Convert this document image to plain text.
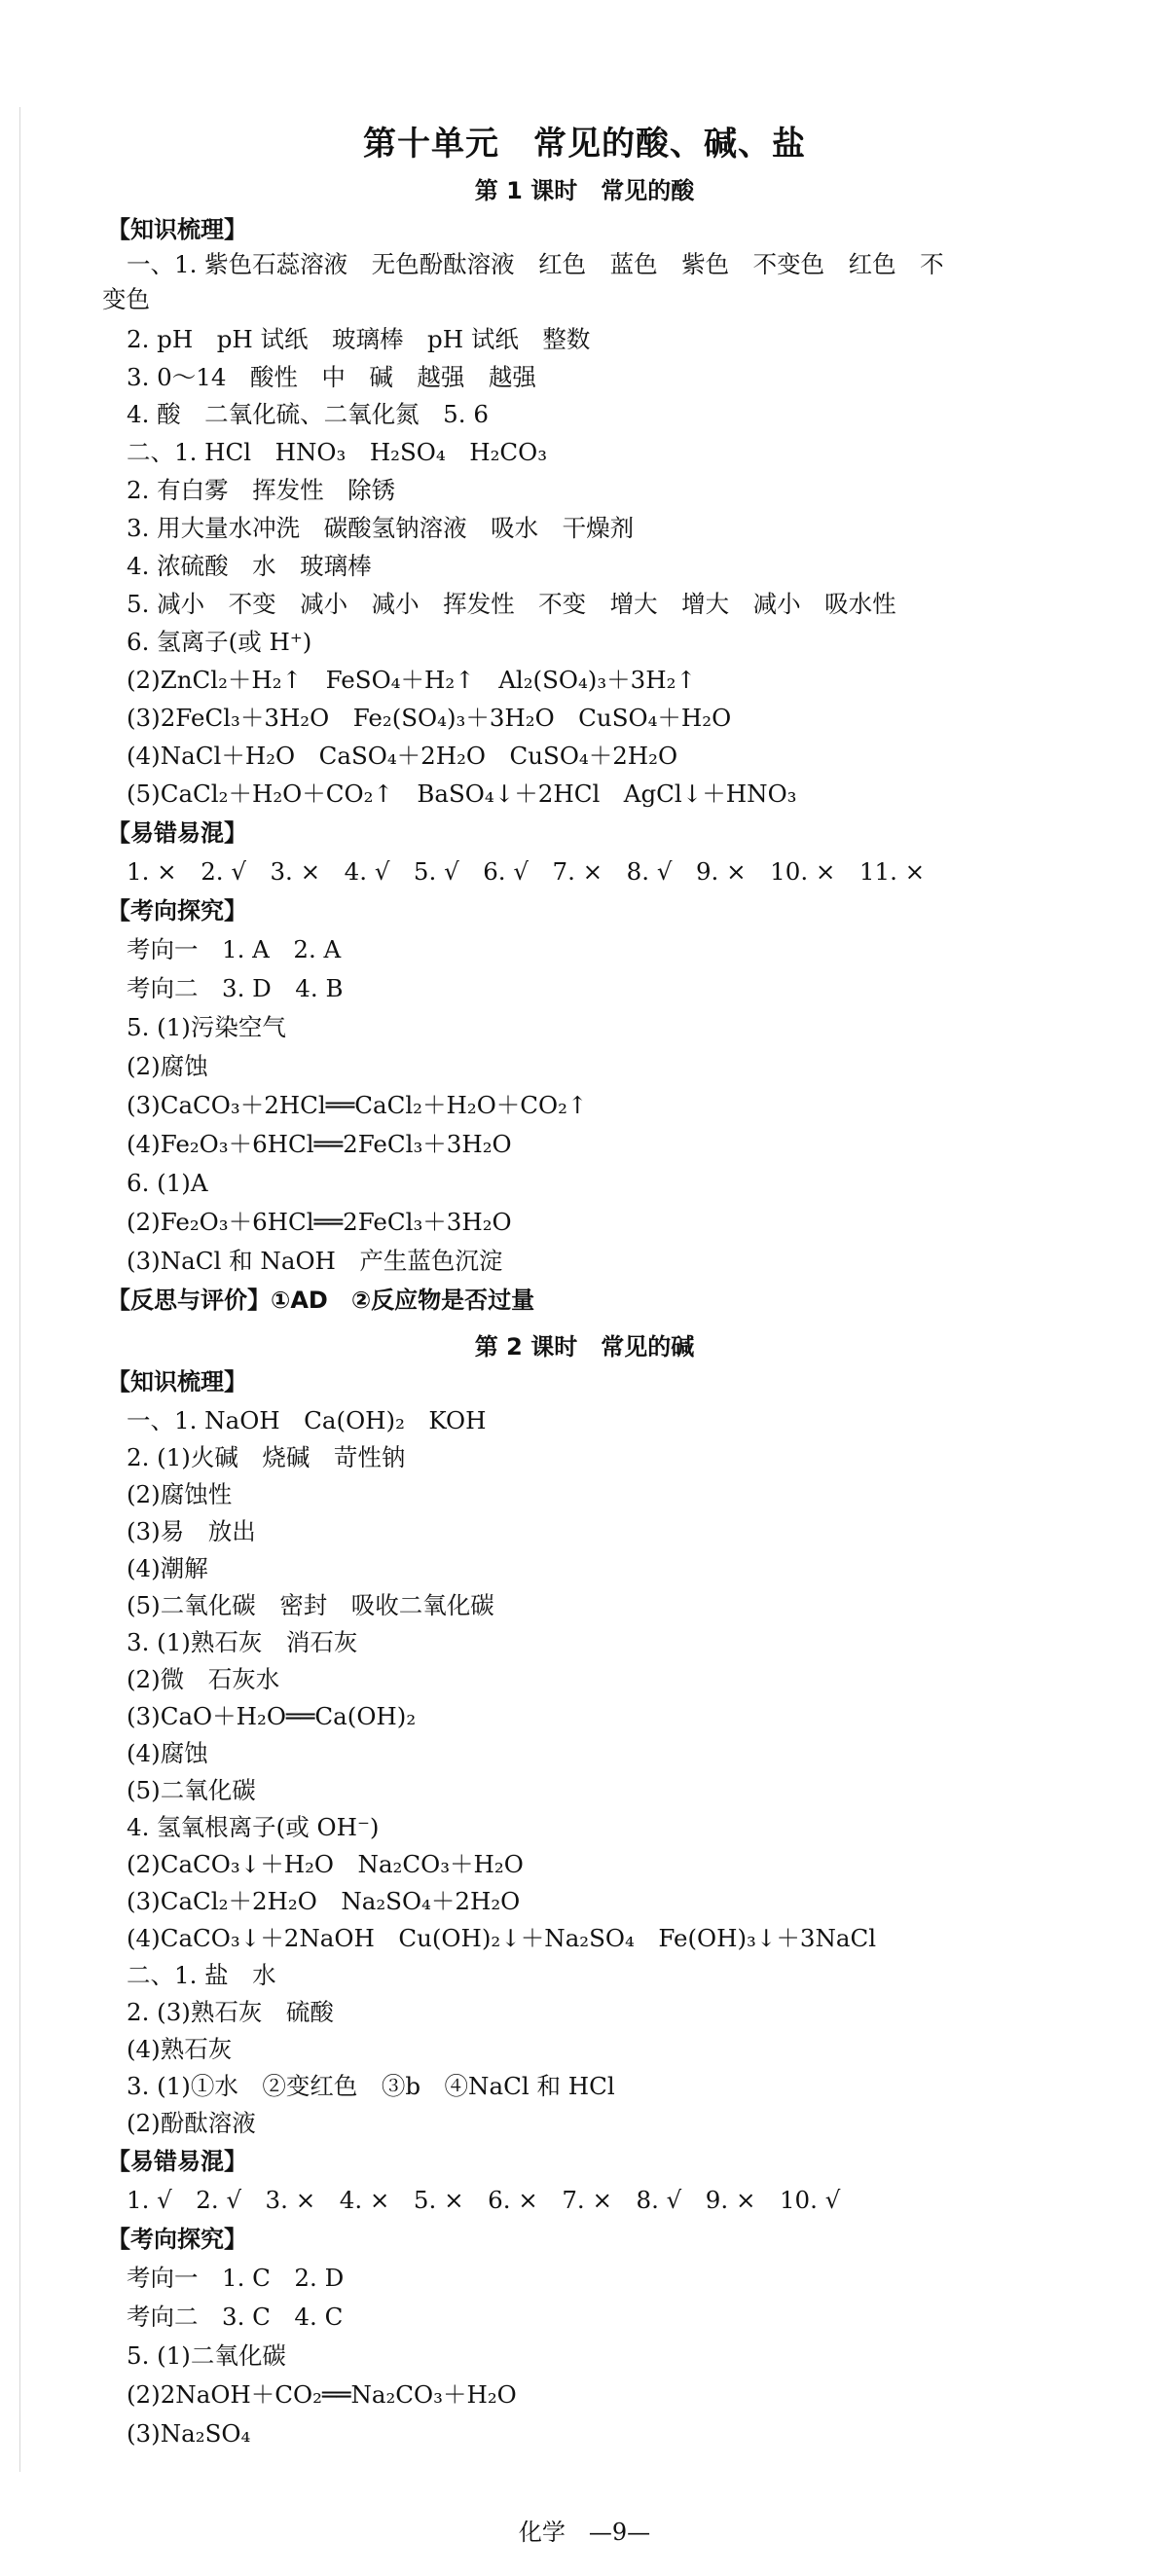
第十单元　常见的酸、碱、盐
第 1 课时　常见的酸
【知识梳理】
一、1. 紫色石蕊溶液　无色酚酞溶液　红色　蓝色　紫色　不变色　红色　不
变色
2. pH　pH 试纸　玻璃棒　pH 试纸　整数
3. 0～14　酸性　中　碱　越强　越强
4. 酸　二氧化硫、二氧化氮　5. 6
二、1. HCl　HNO₃　H₂SO₄　H₂CO₃
2. 有白雾　挥发性　除锈
3. 用大量水冲洗　碳酸氢钠溶液　吸水　干燥剂
4. 浓硫酸　水　玻璃棒
5. 减小　不变　减小　减小　挥发性　不变　增大　增大　减小　吸水性
6. 氢离子(或 H⁺)
(2)ZnCl₂＋H₂↑　FeSO₄＋H₂↑　Al₂(SO₄)₃＋3H₂↑
(3)2FeCl₃＋3H₂O　Fe₂(SO₄)₃＋3H₂O　CuSO₄＋H₂O
(4)NaCl＋H₂O　CaSO₄＋2H₂O　CuSO₄＋2H₂O
(5)CaCl₂＋H₂O＋CO₂↑　BaSO₄↓＋2HCl　AgCl↓＋HNO₃
【易错易混】
1. ×　2. √　3. ×　4. √　5. √　6. √　7. ×　8. √　9. ×　10. ×　11. ×
【考向探究】
考向一　1. A　2. A
考向二　3. D　4. B
5. (1)污染空气
(2)腐蚀
(3)CaCO₃＋2HCl══CaCl₂＋H₂O＋CO₂↑
(4)Fe₂O₃＋6HCl══2FeCl₃＋3H₂O
6. (1)A
(2)Fe₂O₃＋6HCl══2FeCl₃＋3H₂O
(3)NaCl 和 NaOH　产生蓝色沉淀
【反思与评价】①AD　②反应物是否过量
第 2 课时　常见的碱
【知识梳理】
一、1. NaOH　Ca(OH)₂　KOH
2. (1)火碱　烧碱　苛性钠
(2)腐蚀性
(3)易　放出
(4)潮解
(5)二氧化碳　密封　吸收二氧化碳
3. (1)熟石灰　消石灰
(2)微　石灰水
(3)CaO＋H₂O══Ca(OH)₂
(4)腐蚀
(5)二氧化碳
4. 氢氧根离子(或 OH⁻)
(2)CaCO₃↓＋H₂O　Na₂CO₃＋H₂O
(3)CaCl₂＋2H₂O　Na₂SO₄＋2H₂O
(4)CaCO₃↓＋2NaOH　Cu(OH)₂↓＋Na₂SO₄　Fe(OH)₃↓＋3NaCl
二、1. 盐　水
2. (3)熟石灰　硫酸
(4)熟石灰
3. (1)①水　②变红色　③b　④NaCl 和 HCl
(2)酚酞溶液
【易错易混】
1. √　2. √　3. ×　4. ×　5. ×　6. ×　7. ×　8. √　9. ×　10. √
【考向探究】
考向一　1. C　2. D
考向二　3. C　4. C
5. (1)二氧化碳
(2)2NaOH＋CO₂══Na₂CO₃＋H₂O
(3)Na₂SO₄
化学　—9—
